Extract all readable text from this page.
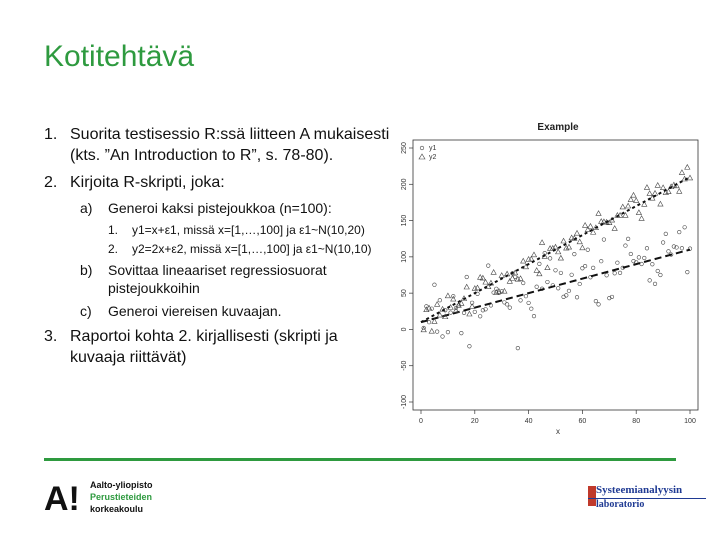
Kotitehtävä
1. Suorita testisessio R:ssä liitteen A mukaisesti (kts. ”An Introduction to R”, s. 78-80).
2. Kirjoita R-skripti, joka:
a) Generoi kaksi pistejoukkoa (n=100):
1. y1=x+ε1, missä x=[1,…,100] ja ε1~N(10,20)
2. y2=2x+ε2, missä x=[1,…,100] ja ε1~N(10,10)
b) Sovittaa lineaariset regressiosuorat pistejoukkoihin
c) Generoi viereisen kuvaajan.
3. Raportoi kohta 2. kirjallisesti (skripti ja kuvaaja riittävät)
Example
x
0	20	40	60	80	100
-100
-50
0
50
100
150
200
250	y1
y2
A! Aalto-yliopisto
Perustieteiden
korkeakoulu
Systeemianalyysin
laboratorio
